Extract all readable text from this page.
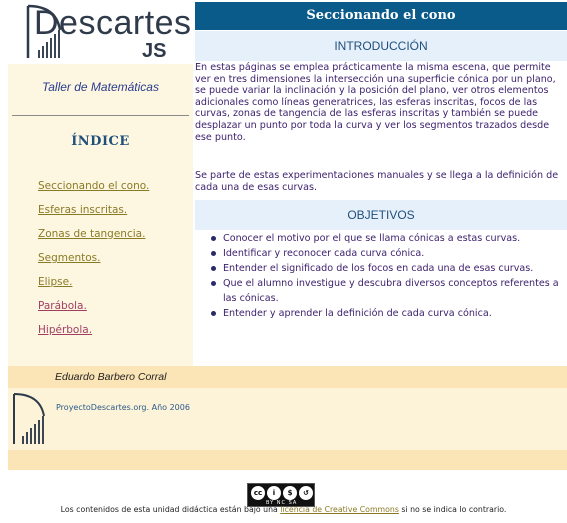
Descartes
JS
Taller de Matemáticas
ÍNDICE
Seccionando el cono.
Esferas inscritas.
Zonas de tangencia.
Segmentos.
Elipse.
Parábola.
Hipérbola.
Seccionando el cono
INTRODUCCIÓN

En estas páginas se emplea prácticamente la misma escena, que permite ver en tres dimensiones la intersección una superficie cónica por un plano, se puede variar la inclinación y la posición del plano, ver otros elementos adicionales como líneas generatrices, las esferas inscritas, focos de las curvas, zonas de tangencia de las esferas inscritas y también se puede desplazar un punto por toda la curva y ver los segmentos trazados desde ese punto.

Se parte de estas experimentaciones manuales y se llega a la definición de cada una de esas curvas.

OBJETIVOS
Conocer el motivo por el que se llama cónicas a estas curvas.
Identificar y reconocer cada curva cónica.
Entender el significado de los focos en cada una de esas curvas.
Que el alumno investigue y descubra diversos conceptos referentes a las cónicas.
Entender y aprender la definición de cada curva cónica.
Eduardo Barbero Corral
ProyectoDescartes.org. Año 2006
cc	i	$	↺
BY NC SA
Los contenidos de esta unidad didáctica están bajo una licencia de Creative Commons si no se indica lo contrario.
